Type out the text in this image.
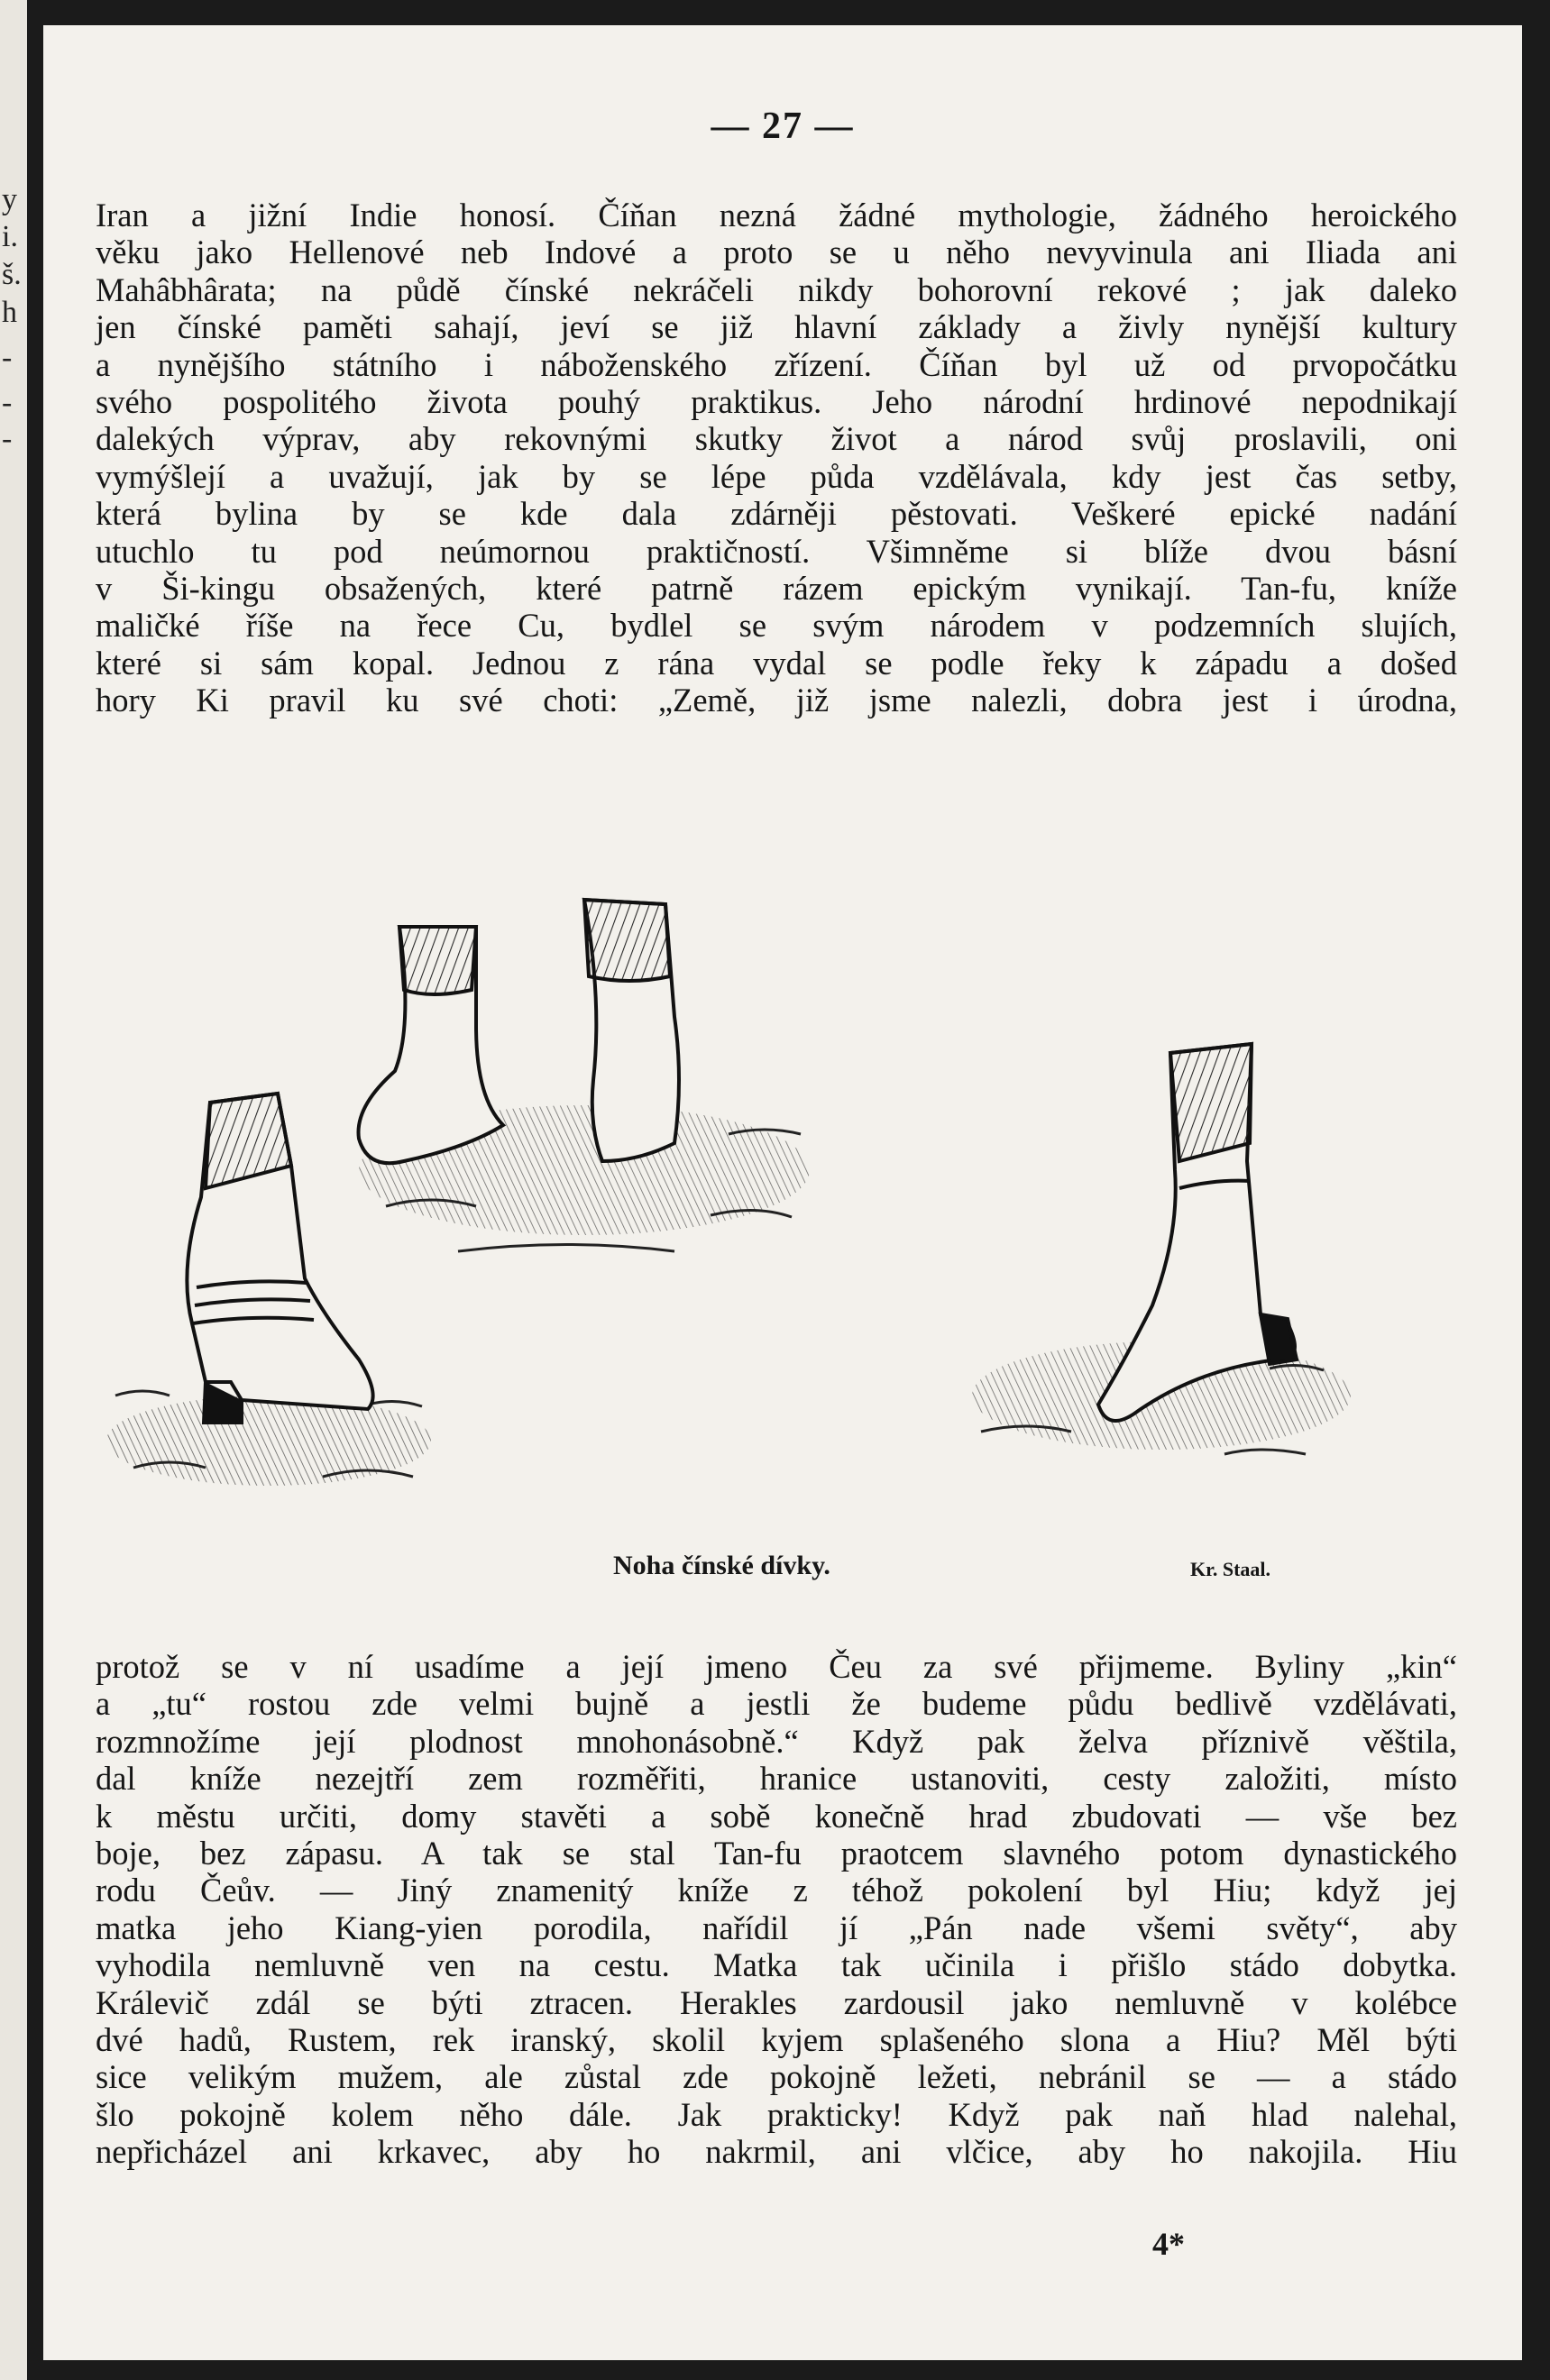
y
i.
š.
h
-
-
-
— 27 —

Iran a jižní Indie honosí. Číňan nezná žádné mythologie, žádného heroického
věku jako Hellenové neb Indové a proto se u něho nevyvinula ani Iliada ani
Mahâbhârata; na půdě čínské nekráčeli nikdy bohorovní rekové ; jak daleko
jen čínské paměti sahají, jeví se již hlavní základy a živly nynější kultury
a nynějšího státního i náboženského zřízení. Číňan byl už od prvopočátku
svého pospolitého života pouhý praktikus. Jeho národní hrdinové nepodnikají
dalekých výprav, aby rekovnými skutky život a národ svůj proslavili, oni
vymýšlejí a uvažují, jak by se lépe půda vzdělávala, kdy jest čas setby,
která bylina by se kde dala zdárněji pěstovati. Veškeré epické nadání
utuchlo tu pod neúmornou praktičností. Všimněme si blíže dvou básní
v Ši-kingu obsažených, které patrně rázem epickým vynikají. Tan-fu, kníže
maličké říše na řece Cu, bydlel se svým národem v podzemních slujích,
které si sám kopal. Jednou z rána vydal se podle řeky k západu a došed
hory Ki pravil ku své choti: „Země, již jsme nalezli, dobra jest i úrodna,

Noha čínské dívky.	Kr. Staal.

protož se v ní usadíme a její jmeno Čeu za své přijmeme. Byliny „kin“
a „tu“ rostou zde velmi bujně a jestli že budeme půdu bedlivě vzdělávati,
rozmnožíme její plodnost mnohonásobně.“ Když pak želva příznivě věštila,
dal kníže nezejtří zem rozměřiti, hranice ustanoviti, cesty založiti, místo
k městu určiti, domy stavěti a sobě konečně hrad zbudovati — vše bez
boje, bez zápasu. A tak se stal Tan-fu praotcem slavného potom dynastického
rodu Čeův. — Jiný znamenitý kníže z téhož pokolení byl Hiu; když jej
matka jeho Kiang-yien porodila, nařídil jí „Pán nade všemi světy“, aby
vyhodila nemluvně ven na cestu. Matka tak učinila i přišlo stádo dobytka.
Králevič zdál se býti ztracen. Herakles zardousil jako nemluvně v kolébce
dvé hadů, Rustem, rek iranský, skolil kyjem splašeného slona a Hiu? Měl býti
sice velikým mužem, ale zůstal zde pokojně ležeti, nebránil se — a stádo
šlo pokojně kolem něho dále. Jak prakticky! Když pak naň hlad nalehal,
nepřicházel ani krkavec, aby ho nakrmil, ani vlčice, aby ho nakojila. Hiu

4*
